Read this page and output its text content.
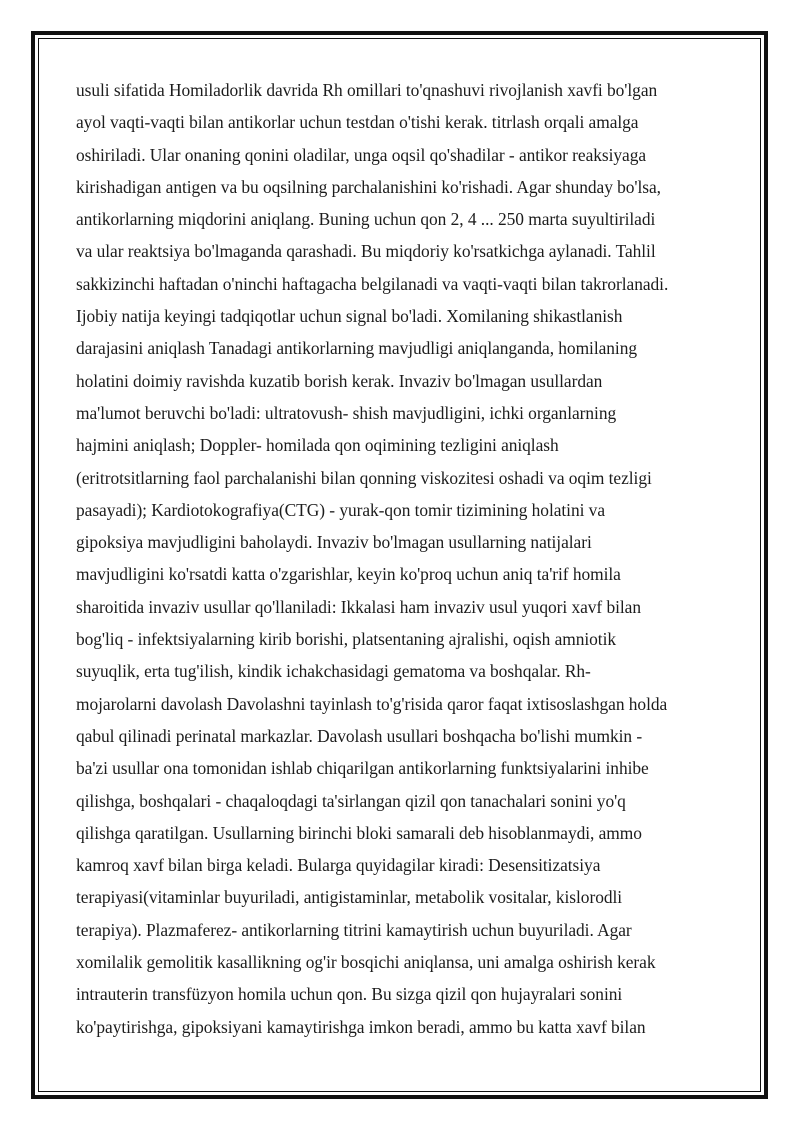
usuli sifatida Homiladorlik davrida Rh omillari to'qnashuvi rivojlanish xavfi bo'lgan
ayol vaqti-vaqti bilan antikorlar uchun testdan o'tishi kerak. titrlash orqali amalga
oshiriladi. Ular onaning qonini oladilar, unga oqsil qo'shadilar - antikor reaksiyaga
kirishadigan antigen va bu oqsilning parchalanishini ko'rishadi. Agar shunday bo'lsa,
antikorlarning miqdorini aniqlang. Buning uchun qon 2, 4 ... 250 marta suyultiriladi
va ular reaktsiya bo'lmaganda qarashadi. Bu miqdoriy ko'rsatkichga aylanadi. Tahlil
sakkizinchi haftadan o'ninchi haftagacha belgilanadi va vaqti-vaqti bilan takrorlanadi.
Ijobiy natija keyingi tadqiqotlar uchun signal bo'ladi. Xomilaning shikastlanish
darajasini aniqlash Tanadagi antikorlarning mavjudligi aniqlanganda, homilaning
holatini doimiy ravishda kuzatib borish kerak. Invaziv bo'lmagan usullardan
ma'lumot beruvchi bo'ladi: ultratovush- shish mavjudligini, ichki organlarning
hajmini aniqlash; Doppler- homilada qon oqimining tezligini aniqlash
(eritrotsitlarning faol parchalanishi bilan qonning viskozitesi oshadi va oqim tezligi
pasayadi); Kardiotokografiya(CTG) - yurak-qon tomir tizimining holatini va
gipoksiya mavjudligini baholaydi. Invaziv bo'lmagan usullarning natijalari
mavjudligini ko'rsatdi katta o'zgarishlar, keyin ko'proq uchun aniq ta'rif homila
sharoitida invaziv usullar qo'llaniladi: Ikkalasi ham invaziv usul yuqori xavf bilan
bog'liq - infektsiyalarning kirib borishi, platsentaning ajralishi, oqish amniotik
suyuqlik, erta tug'ilish, kindik ichakchasidagi gematoma va boshqalar. Rh-
mojarolarni davolash Davolashni tayinlash to'g'risida qaror faqat ixtisoslashgan holda
qabul qilinadi perinatal markazlar. Davolash usullari boshqacha bo'lishi mumkin -
ba'zi usullar ona tomonidan ishlab chiqarilgan antikorlarning funktsiyalarini inhibe
qilishga, boshqalari - chaqaloqdagi ta'sirlangan qizil qon tanachalari sonini yo'q
qilishga qaratilgan. Usullarning birinchi bloki samarali deb hisoblanmaydi, ammo
kamroq xavf bilan birga keladi. Bularga quyidagilar kiradi: Desensitizatsiya
terapiyasi(vitaminlar buyuriladi, antigistaminlar, metabolik vositalar, kislorodli
terapiya). Plazmaferez- antikorlarning titrini kamaytirish uchun buyuriladi. Agar
xomilalik gemolitik kasallikning og'ir bosqichi aniqlansa, uni amalga oshirish kerak
intrauterin transfüzyon homila uchun qon. Bu sizga qizil qon hujayralari sonini
ko'paytirishga, gipoksiyani kamaytirishga imkon beradi, ammo bu katta xavf bilan
